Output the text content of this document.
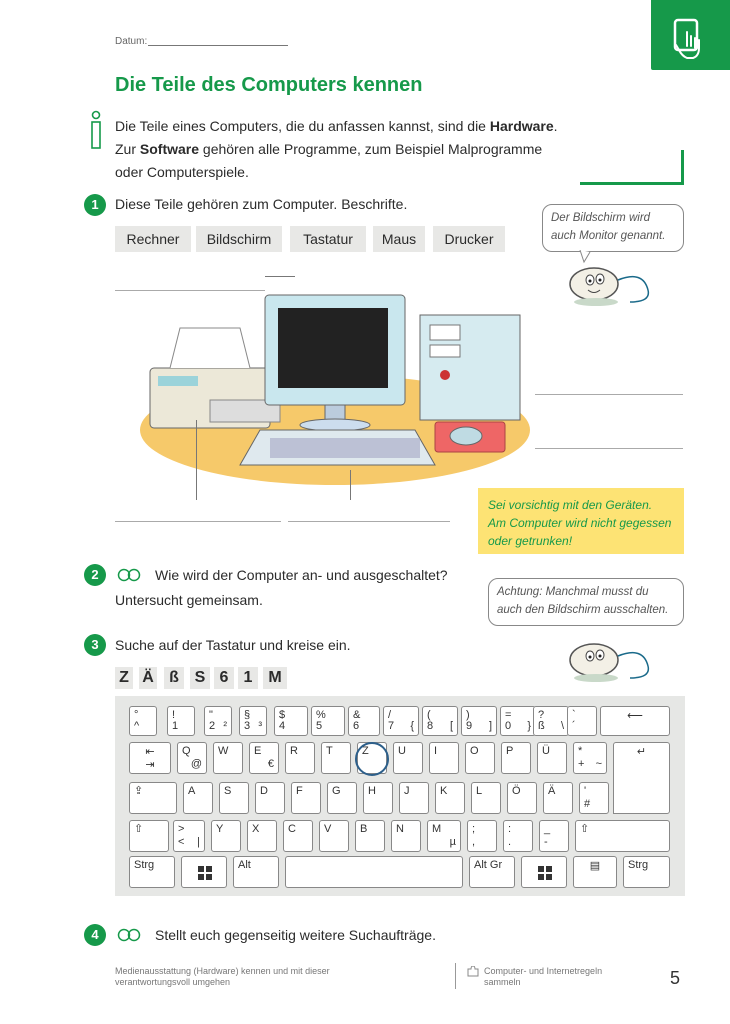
Datum:
Die Teile des Computers kennen
Die Teile eines Computers, die du anfassen kannst, sind die Hardware.
Zur Software gehören alle Programme, zum Beispiel Malprogramme
oder Computerspiele.
1	Diese Teile gehören zum Computer. Beschrifte.
Rechner	Bildschirm	Tastatur	Maus	Drucker
Der Bildschirm wird
auch Monitor genannt.
Sei vorsichtig mit den Geräten.
Am Computer wird nicht gegessen
oder getrunken!
2	Wie wird der Computer an- und ausgeschaltet?
Untersucht gemeinsam.	Achtung: Manchmal musst du
auch den Bildschirm ausschalten.
3	Suche auf der Tastatur und kreise ein.
Z Ä ß S 6 1 M
°
^
!
1
"
2 ²
§
3 ³
$
4
%
5
&
6
/
7 {
(
8 [
)
9 ]
=
0 }
?
ß \
`
´
⟵
⇤
⇥
Q
@
W E
€
R	T	Z	U	I	O P	Ü	*
+ ~
↵
⇪	A	S	D	F	G H	J	K	L	Ö Ä	'
#
⇧	>
< |
Y	X	C	V	B	N	M
µ
;
,
:
.
_
-
⇧
Strg	Alt	Alt Gr	▤	Strg
4	Stellt euch gegenseitig weitere Suchaufträge.
Medienausstattung (Hardware) kennen und mit dieser
verantwortungsvoll umgehen
Computer- und Internetregeln
sammeln	5
